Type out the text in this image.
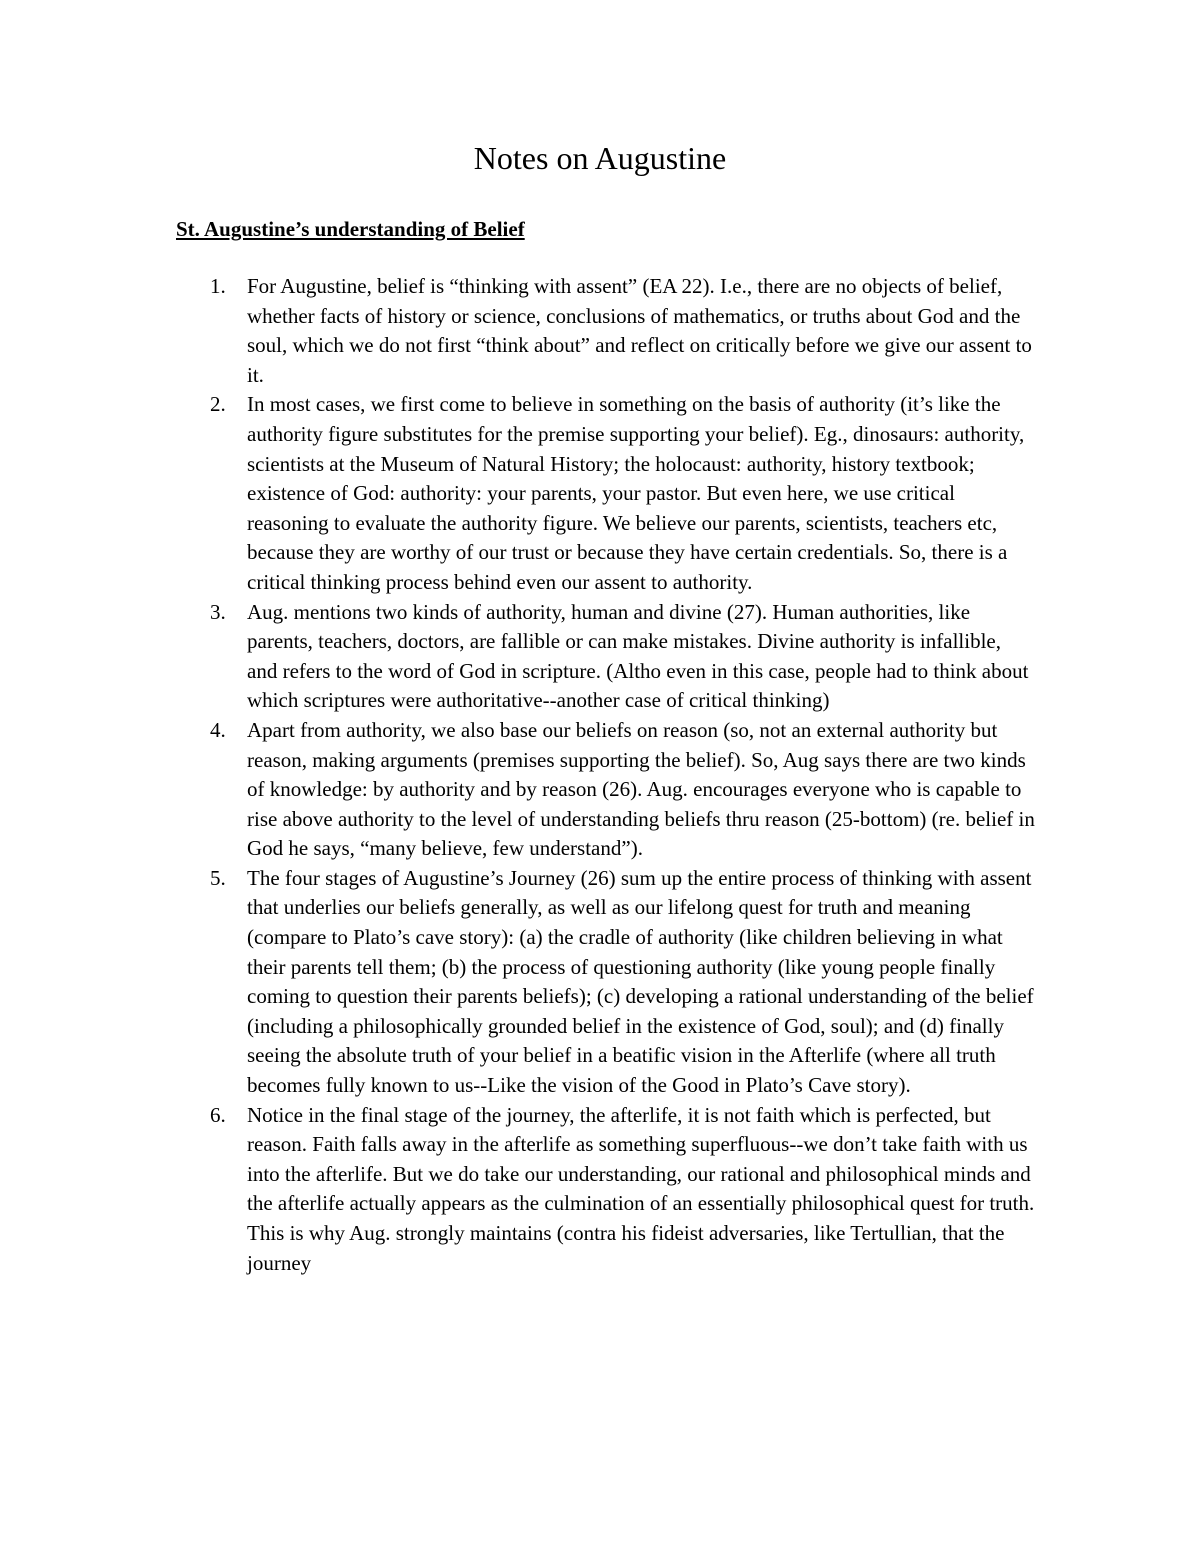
Notes on Augustine
St. Augustine’s understanding of Belief
1. For Augustine, belief is “thinking with assent” (EA 22). I.e., there are no objects of belief, whether facts of history or science, conclusions of mathematics, or truths about God and the soul, which we do not first “think about” and reflect on critically before we give our assent to it.
2. In most cases, we first come to believe in something on the basis of authority (it’s like the authority figure substitutes for the premise supporting your belief). Eg., dinosaurs: authority, scientists at the Museum of Natural History; the holocaust: authority, history textbook; existence of God: authority: your parents, your pastor. But even here, we use critical reasoning to evaluate the authority figure. We believe our parents, scientists, teachers etc, because they are worthy of our trust or because they have certain credentials. So, there is a critical thinking process behind even our assent to authority.
3. Aug. mentions two kinds of authority, human and divine (27). Human authorities, like parents, teachers, doctors, are fallible or can make mistakes. Divine authority is infallible, and refers to the word of God in scripture. (Altho even in this case, people had to think about which scriptures were authoritative--another case of critical thinking)
4. Apart from authority, we also base our beliefs on reason (so, not an external authority but reason, making arguments (premises supporting the belief). So, Aug says there are two kinds of knowledge: by authority and by reason (26). Aug. encourages everyone who is capable to rise above authority to the level of understanding beliefs thru reason (25-bottom) (re. belief in God he says, “many believe, few understand”).
5. The four stages of Augustine’s Journey (26) sum up the entire process of thinking with assent that underlies our beliefs generally, as well as our lifelong quest for truth and meaning (compare to Plato’s cave story): (a) the cradle of authority (like children believing in what their parents tell them; (b) the process of questioning authority (like young people finally coming to question their parents beliefs); (c) developing a rational understanding of the belief (including a philosophically grounded belief in the existence of God, soul); and (d) finally seeing the absolute truth of your belief in a beatific vision in the Afterlife (where all truth becomes fully known to us--Like the vision of the Good in Plato’s Cave story).
6. Notice in the final stage of the journey, the afterlife, it is not faith which is perfected, but reason. Faith falls away in the afterlife as something superfluous--we don’t take faith with us into the afterlife. But we do take our understanding, our rational and philosophical minds and the afterlife actually appears as the culmination of an essentially philosophical quest for truth. This is why Aug. strongly maintains (contra his fideist adversaries, like Tertullian, that the journey
